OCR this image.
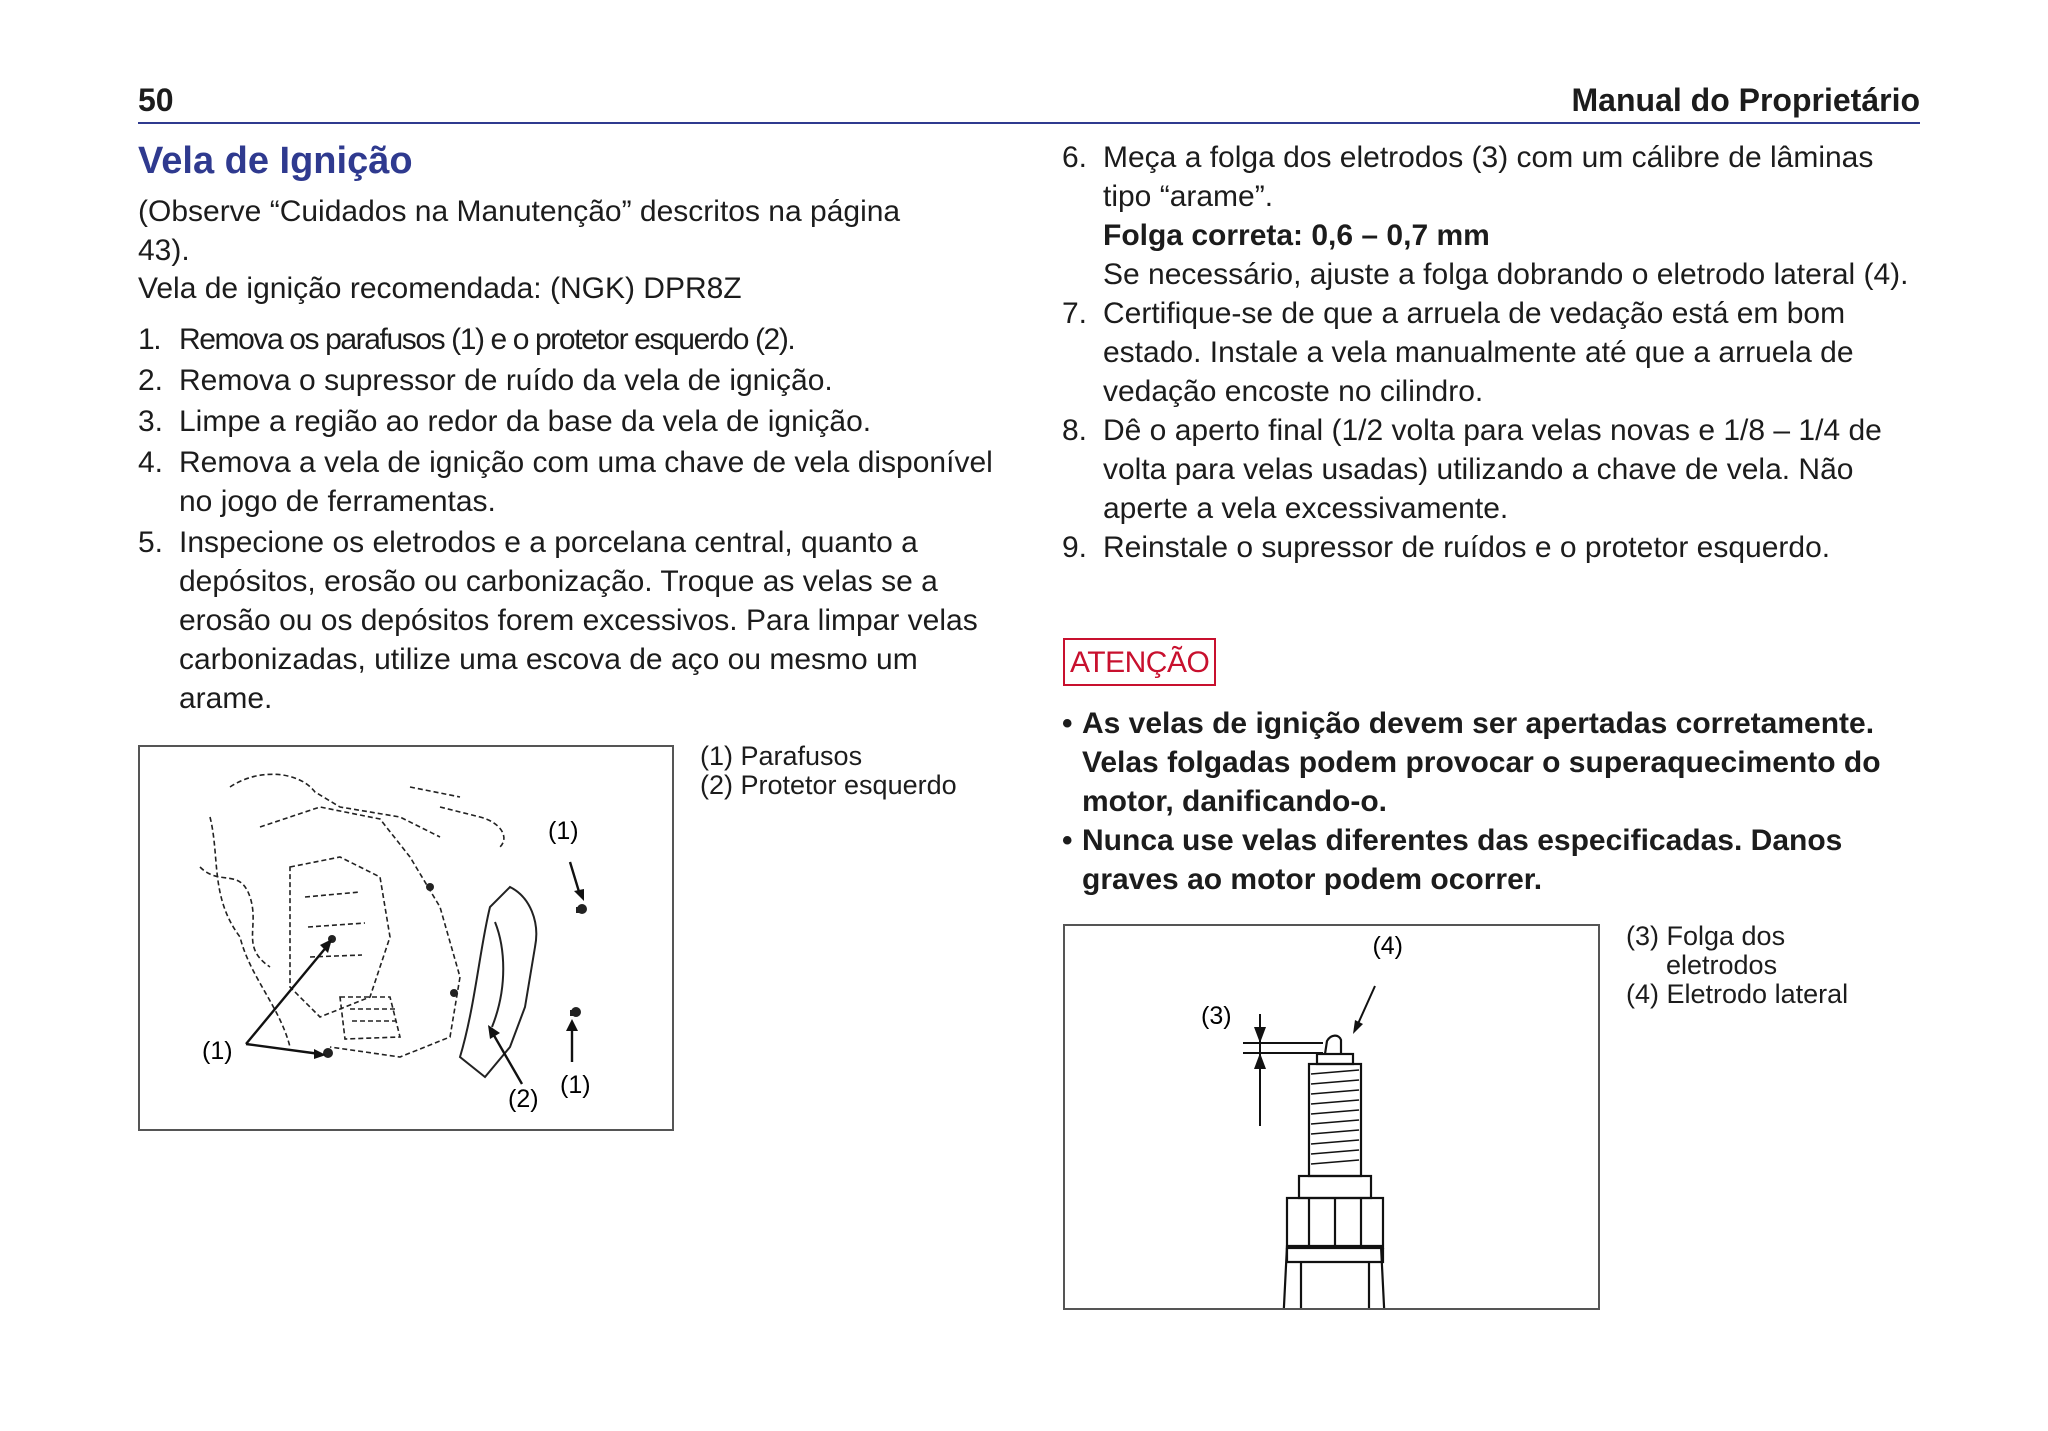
50	Manual do Proprietário
Vela de Ignição
(Observe “Cuidados na Manutenção” descritos na página 43).
Vela de ignição recomendada: (NGK) DPR8Z
1. Remova os parafusos (1) e o protetor esquerdo (2).
2. Remova o supressor de ruído da vela de ignição.
3. Limpe a região ao redor da base da vela de ignição.
4. Remova a vela de ignição com uma chave de vela disponível no jogo de ferramentas.
5. Inspecione os eletrodos e a porcelana central, quanto a depósitos, erosão ou carbonização. Troque as velas se a erosão ou os depósitos forem excessivos. Para limpar velas carbonizadas, utilize uma escova de aço ou mesmo um arame.
(1)
(1)
(2) (1)
(1) Parafusos
(2) Protetor esquerdo
6. Meça a folga dos eletrodos (3) com um cálibre de lâminas tipo “arame”.
Folga correta: 0,6 – 0,7 mm
Se necessário, ajuste a folga dobrando o eletrodo lateral (4).
7. Certifique-se de que a arruela de vedação está em bom estado. Instale a vela manualmente até que a arruela de vedação encoste no cilindro.
8. Dê o aperto final (1/2 volta para velas novas e 1/8 – 1/4 de volta para velas usadas) utilizando a chave de vela. Não aperte a vela excessivamente.
9. Reinstale o supressor de ruídos e o protetor esquerdo.
ATENÇÃO
• As velas de ignição devem ser apertadas corretamente. Velas folgadas podem provocar o superaquecimento do motor, danificando-o.
• Nunca use velas diferentes das especificadas. Danos graves ao motor podem ocorrer.
(4)
(3)
(3) Folga dos
eletrodos
(4) Eletrodo lateral
